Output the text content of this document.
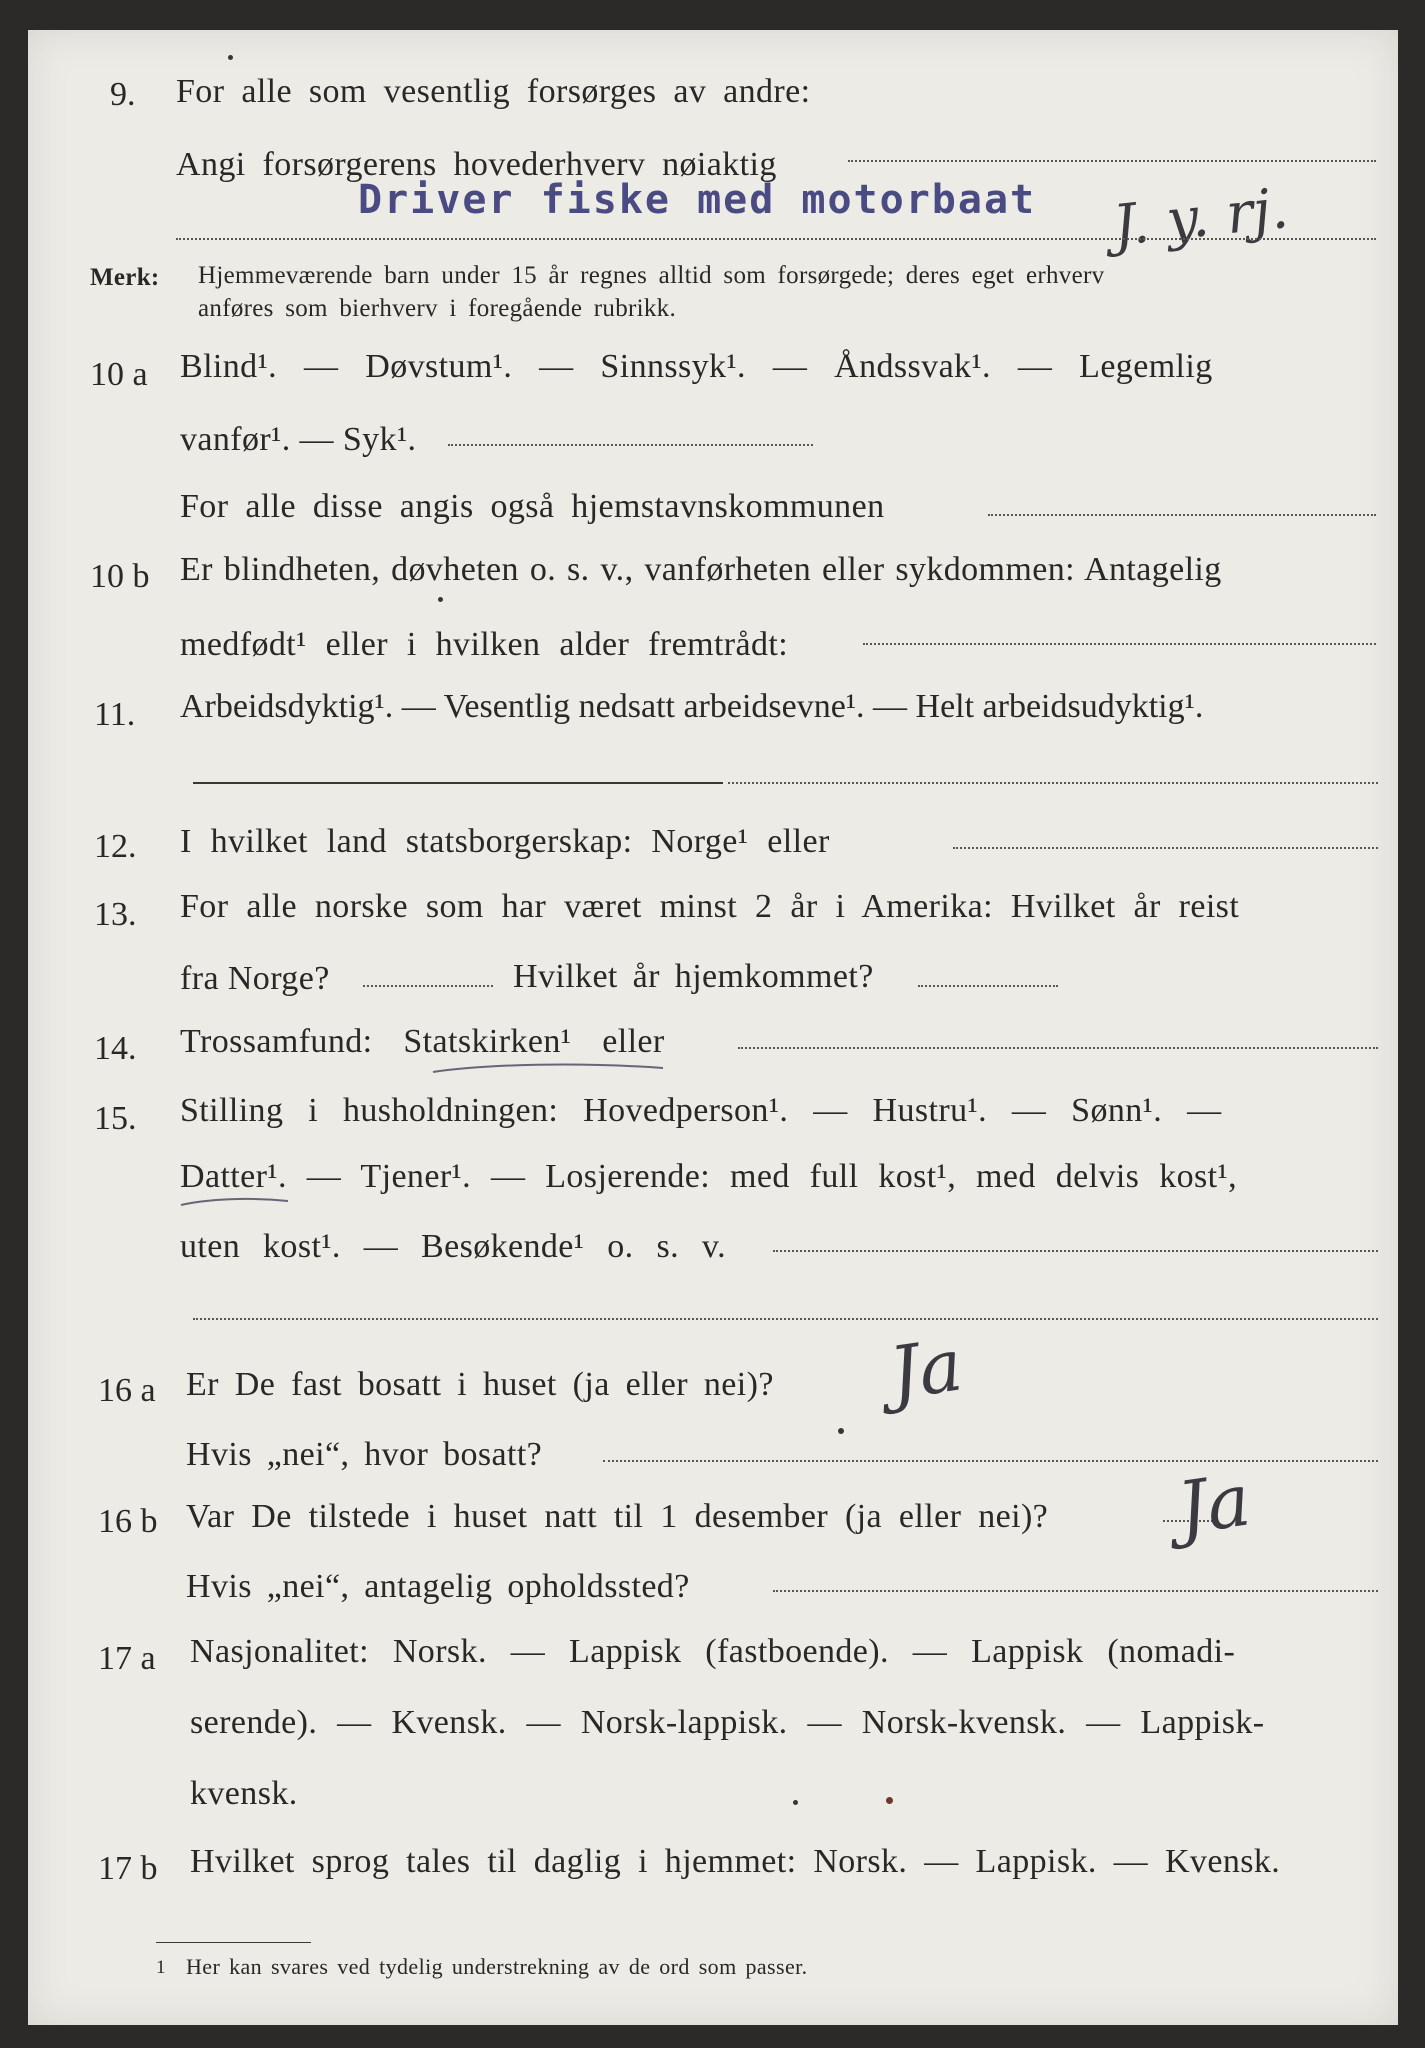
9. For alle som vesentlig forsørges av andre:
Angi forsørgerens hovederhverv nøiaktig
Driver fiske med motorbaat J. y. rj.
Merk: Hjemmeværende barn under 15 år regnes alltid som forsørgede; deres eget erhverv
anføres som bierhverv i foregående rubrikk.
10 a Blind¹. — Døvstum¹. — Sinnssyk¹. — Åndssvak¹. — Legemlig
vanfør¹. — Syk¹.
For alle disse angis også hjemstavnskommunen
10 b Er blindheten, døvheten o. s. v., vanførheten eller sykdommen: Antagelig
medfødt¹ eller i hvilken alder fremtrådt:
11. Arbeidsdyktig¹. — Vesentlig nedsatt arbeidsevne¹. — Helt arbeidsudyktig¹.
12. I hvilket land statsborgerskap: Norge¹ eller
13. For alle norske som har været minst 2 år i Amerika: Hvilket år reist
fra Norge?	Hvilket år hjemkommet?
14. Trossamfund: Statskirken¹ eller
15. Stilling i husholdningen: Hovedperson¹. — Hustru¹. — Sønn¹. —
Datter¹. — Tjener¹. — Losjerende: med full kost¹, med delvis kost¹,
uten kost¹. — Besøkende¹ o. s. v.
16 a Er De fast bosatt i huset (ja eller nei)? Ja
Hvis „nei“, hvor bosatt?
16 b Var De tilstede i huset natt til 1 desember (ja eller nei)? Ja
Hvis „nei“, antagelig opholdssted?
17 a Nasjonalitet: Norsk. — Lappisk (fastboende). — Lappisk (nomadi-
serende). — Kvensk. — Norsk-lappisk. — Norsk-kvensk. — Lappisk-
kvensk.
17 b Hvilket sprog tales til daglig i hjemmet: Norsk. — Lappisk. — Kvensk.
1 Her kan svares ved tydelig understrekning av de ord som passer.
